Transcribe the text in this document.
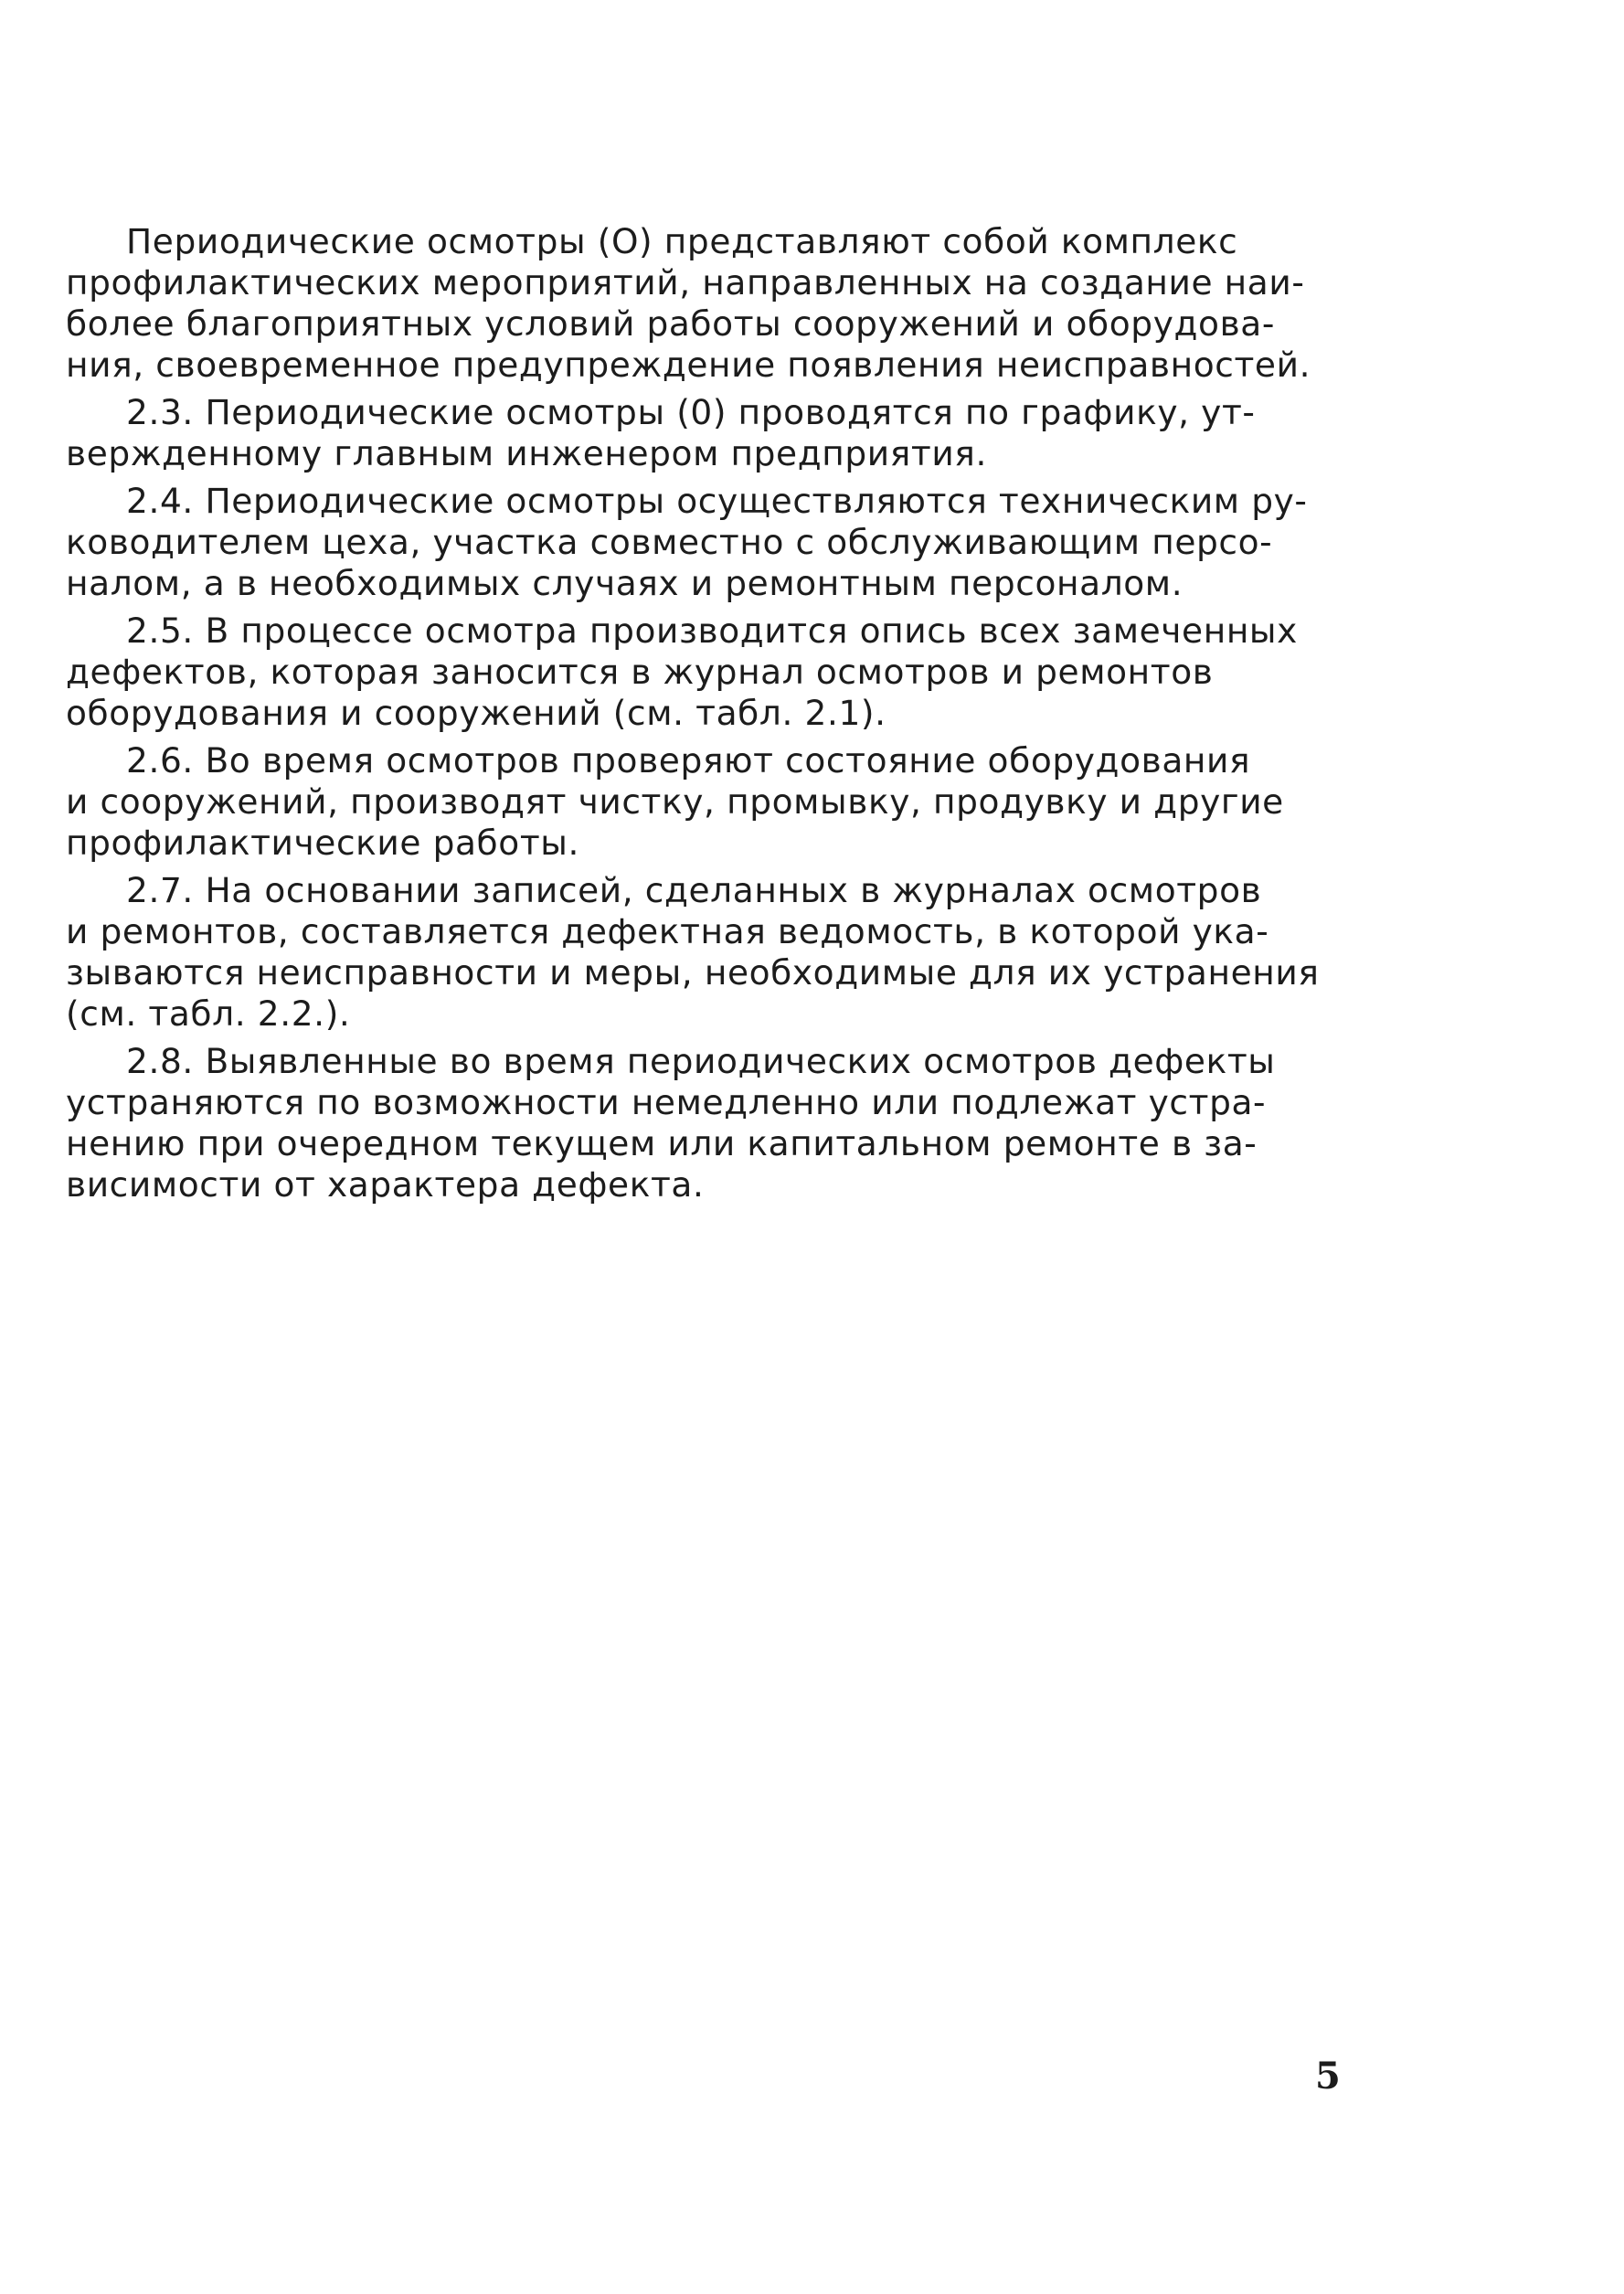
Периодические осмотры (О) представляют собой комплекс
профилактических мероприятий, направленных на создание наи-
более благоприятных условий работы сооружений и оборудова-
ния, своевременное предупреждение появления неисправностей.
2.3. Периодические осмотры (0) проводятся по графику, ут-
вержденному главным инженером предприятия.
2.4. Периодические осмотры осуществляются техническим ру-
ководителем цеха, участка совместно с обслуживающим персо-
налом, а в необходимых случаях и ремонтным персоналом.
2.5. В процессе осмотра производится опись всех замеченных
дефектов, которая заносится в журнал осмотров и ремонтов
оборудования и сооружений (см. табл. 2.1).
2.6. Во время осмотров проверяют состояние оборудования
и сооружений, производят чистку, промывку, продувку и другие
профилактические работы.
2.7. На основании записей, сделанных в журналах осмотров
и ремонтов, составляется дефектная ведомость, в которой ука-
зываются неисправности и меры, необходимые для их устранения
(см. табл. 2.2.).
2.8. Выявленные во время периодических осмотров дефекты
устраняются по возможности немедленно или подлежат устра-
нению при очередном текущем или капитальном ремонте в за-
висимости от характера дефекта.
5
